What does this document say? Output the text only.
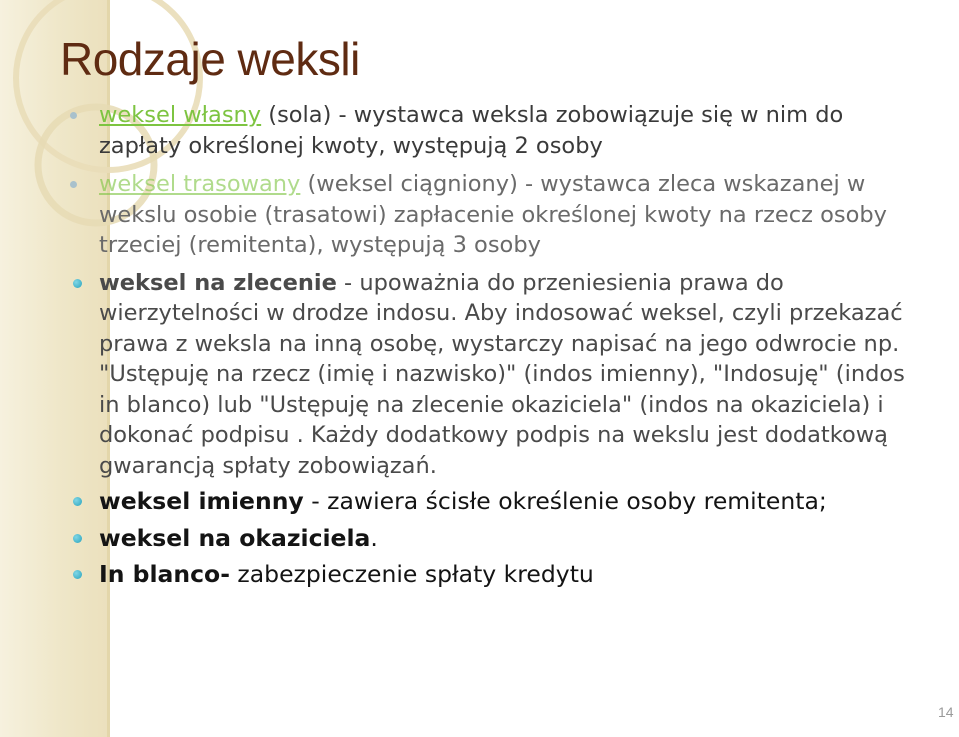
Rodzaje weksli
weksel własny (sola) - wystawca weksla zobowiązuje się w nim do zapłaty określonej kwoty, występują 2 osoby
weksel trasowany (weksel ciągniony) - wystawca zleca wskazanej w wekslu osobie (trasatowi) zapłacenie określonej kwoty na rzecz osoby trzeciej (remitenta), występują 3 osoby
weksel na zlecenie - upoważnia do przeniesienia prawa do wierzytelności w drodze indosu. Aby indosować weksel, czyli przekazać prawa z weksla na inną osobę, wystarczy napisać na jego odwrocie np. "Ustępuję na rzecz (imię i nazwisko)" (indos imienny), "Indosuję" (indos in blanco) lub "Ustępuję na zlecenie okaziciela" (indos na okaziciela) i dokonać podpisu . Każdy dodatkowy podpis na wekslu jest dodatkową gwarancją spłaty zobowiązań.
weksel imienny - zawiera ścisłe określenie osoby remitenta;
weksel na okaziciela.
In blanco- zabezpieczenie spłaty kredytu
14
